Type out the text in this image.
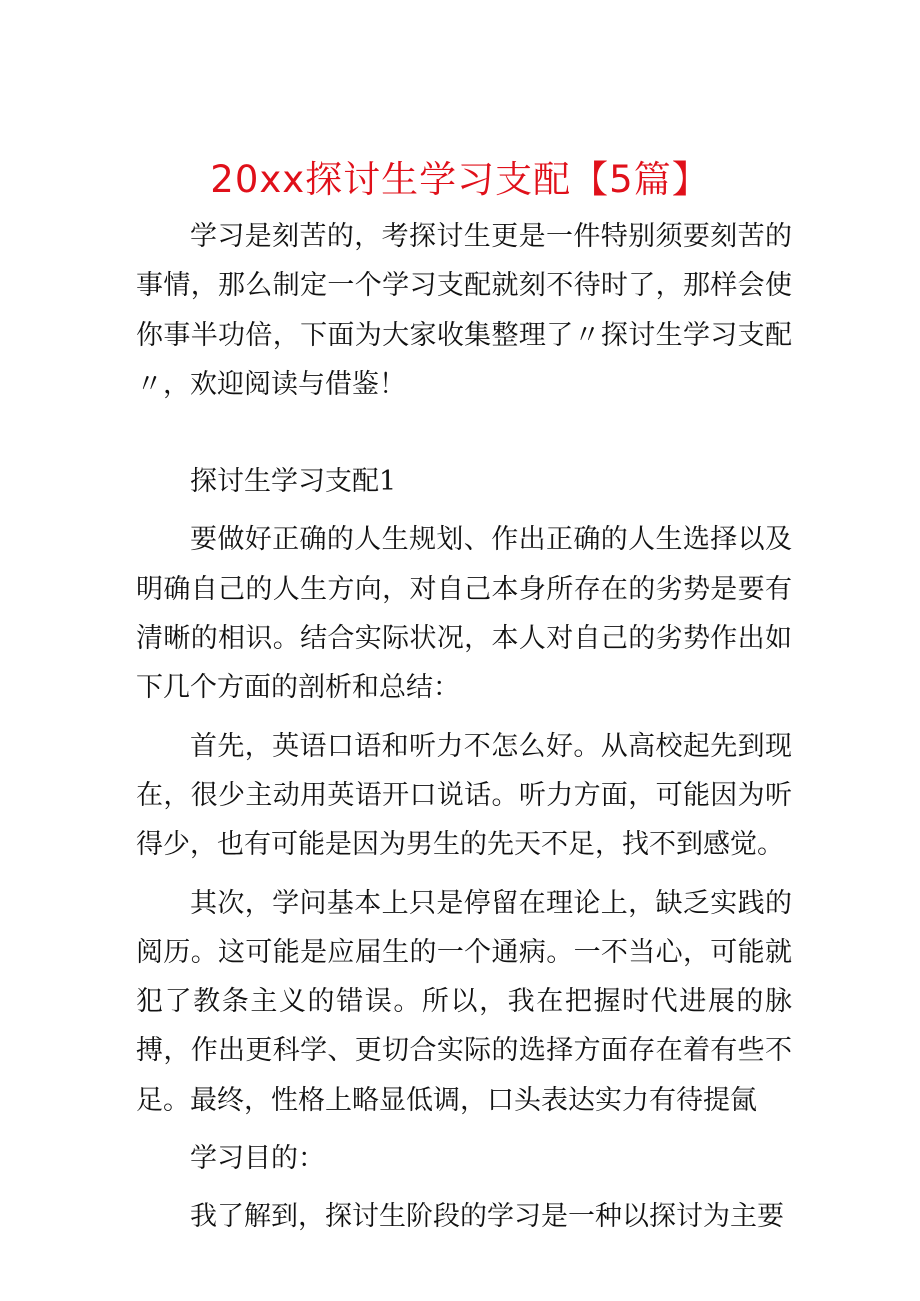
20xx探讨生学习支配【5篇】

学习是刻苦的，考探讨生更是一件特别须要刻苦的事情，那么制定一个学习支配就刻不待时了，那样会使你事半功倍，下面为大家收集整理了〃探讨生学习支配〃，欢迎阅读与借鉴！

探讨生学习支配1

要做好正确的人生规划、作出正确的人生选择以及明确自己的人生方向，对自己本身所存在的劣势是要有清晰的相识。结合实际状况，本人对自己的劣势作出如下几个方面的剖析和总结：

首先，英语口语和听力不怎么好。从高校起先到现在，很少主动用英语开口说话。听力方面，可能因为听得少，也有可能是因为男生的先天不足，找不到感觉。

其次，学问基本上只是停留在理论上，缺乏实践的阅历。这可能是应届生的一个通病。一不当心，可能就犯了教条主义的错误。所以，我在把握时代进展的脉搏，作出更科学、更切合实际的选择方面存在着有些不足。最终，性格上略显低调，口头表达实力有待提氤

学习目的：

我了解到，探讨生阶段的学习是一种以探讨为主要
